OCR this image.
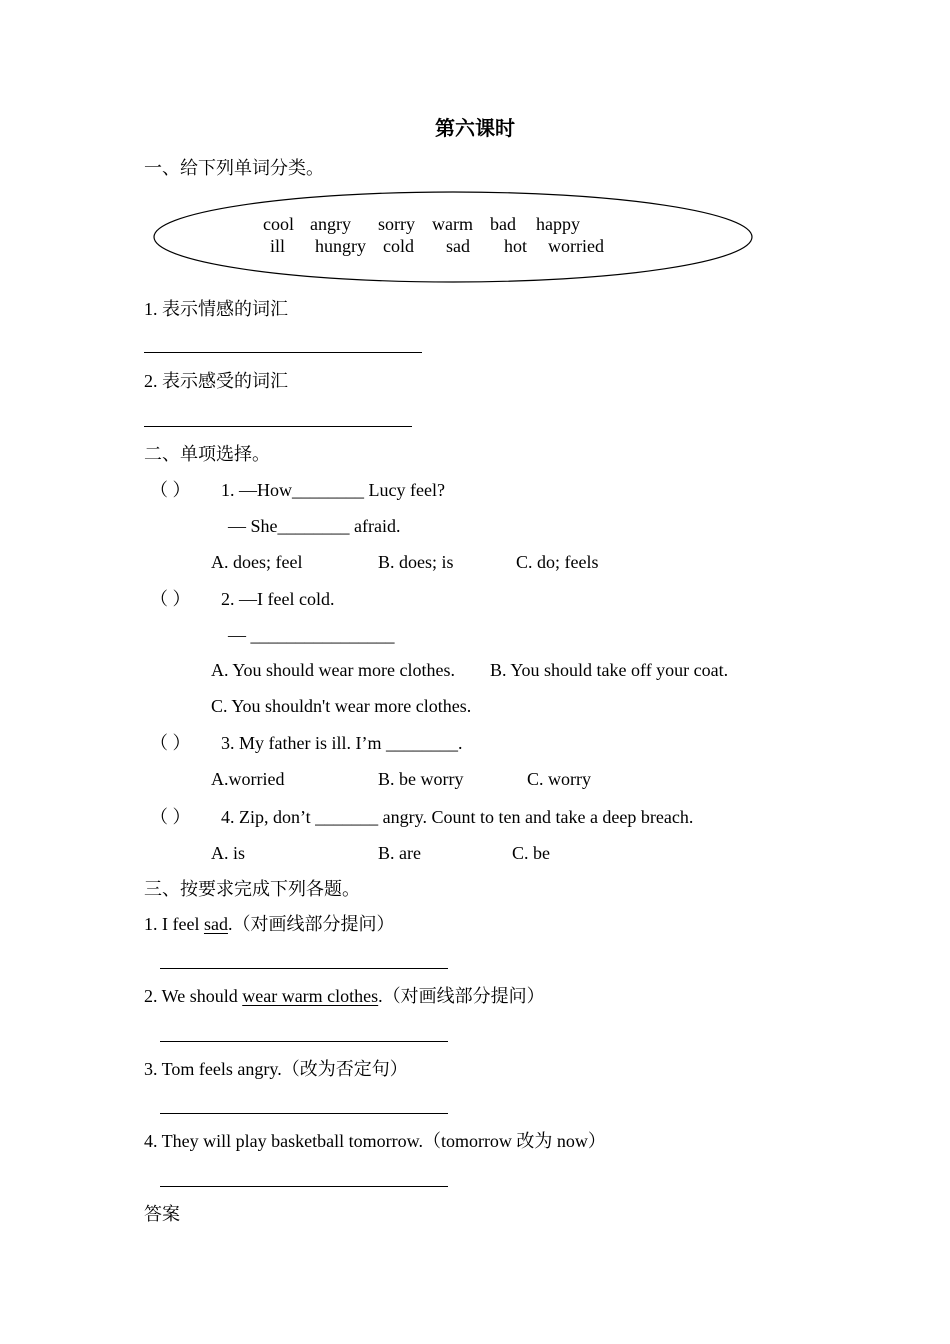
第六课时
一、给下列单词分类。
cool angry sorry warm bad happy
ill hungry cold sad hot worried
1. 表示情感的词汇
2. 表示感受的词汇
二、单项选择。
（ ） 1. —How________ Lucy feel?
— She________ afraid.
A. does; feel	B. does; is	C. do; feels
（ ） 2. —I feel cold.
— ________________
A. You should wear more clothes. B. You should take off your coat.
C. You shouldn't wear more clothes.
（ ） 3. My father is ill. I’m ________.
A.worried	B. be worry	C. worry
（ ） 4. Zip, don’t _______ angry. Count to ten and take a deep breach.
A. is	B. are	C. be
三、按要求完成下列各题。
1. I feel sad.（对画线部分提问）
2. We should wear warm clothes.（对画线部分提问）
3. Tom feels angry.（改为否定句）
4. They will play basketball tomorrow.（tomorrow 改为 now）
答案
